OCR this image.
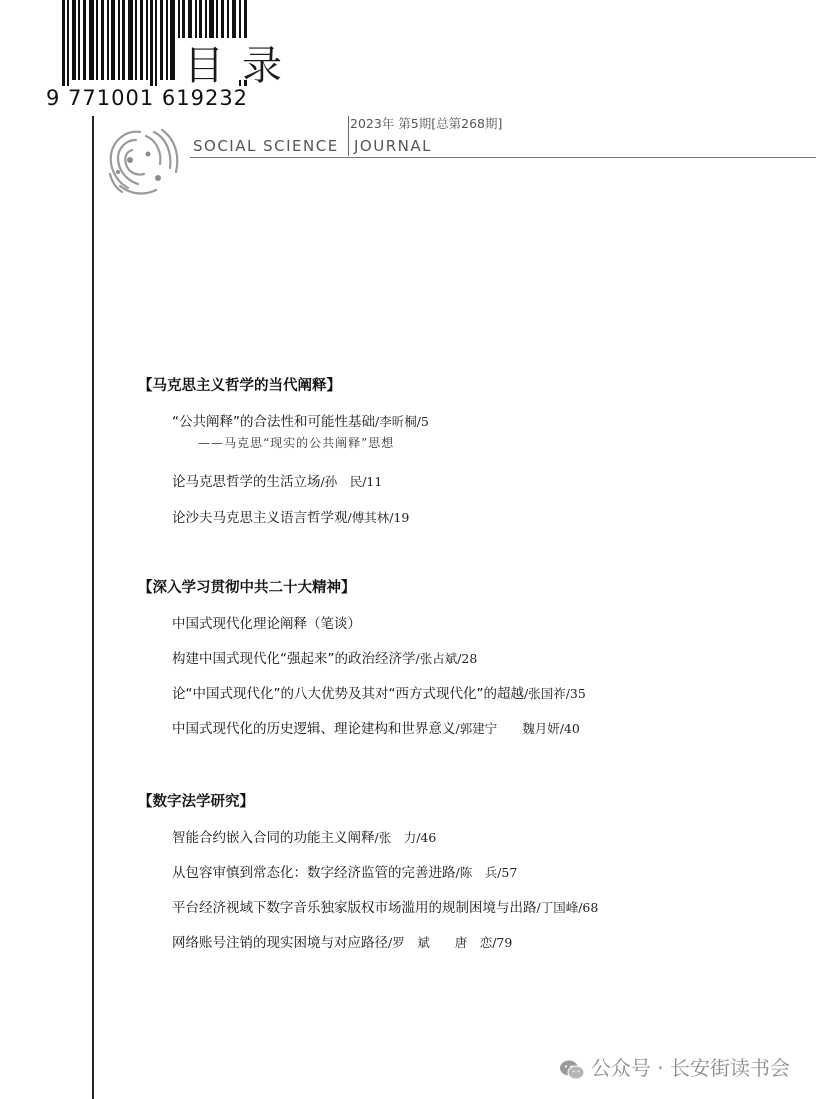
9 771001 619232
目录
2023年 第5期[总第268期]
SOCIAL SCIENCE JOURNAL
【马克思主义哲学的当代阐释】
“公共阐释”的合法性和可能性基础/李昕桐/5
——马克思“现实的公共阐释”思想
论马克思哲学的生活立场/孙　民/11
论沙夫马克思主义语言哲学观/傅其林/19
【深入学习贯彻中共二十大精神】
中国式现代化理论阐释（笔谈）
构建中国式现代化“强起来”的政治经济学/张占斌/28
论“中国式现代化”的八大优势及其对“西方式现代化”的超越/张国祚/35
中国式现代化的历史逻辑、理论建构和世界意义/郭建宁　　魏月妍/40
【数字法学研究】
智能合约嵌入合同的功能主义阐释/张　力/46
从包容审慎到常态化：数字经济监管的完善进路/陈　兵/57
平台经济视域下数字音乐独家版权市场滥用的规制困境与出路/丁国峰/68
网络账号注销的现实困境与对应路径/罗　斌　　唐　恋/79
公众号 · 长安街读书会
